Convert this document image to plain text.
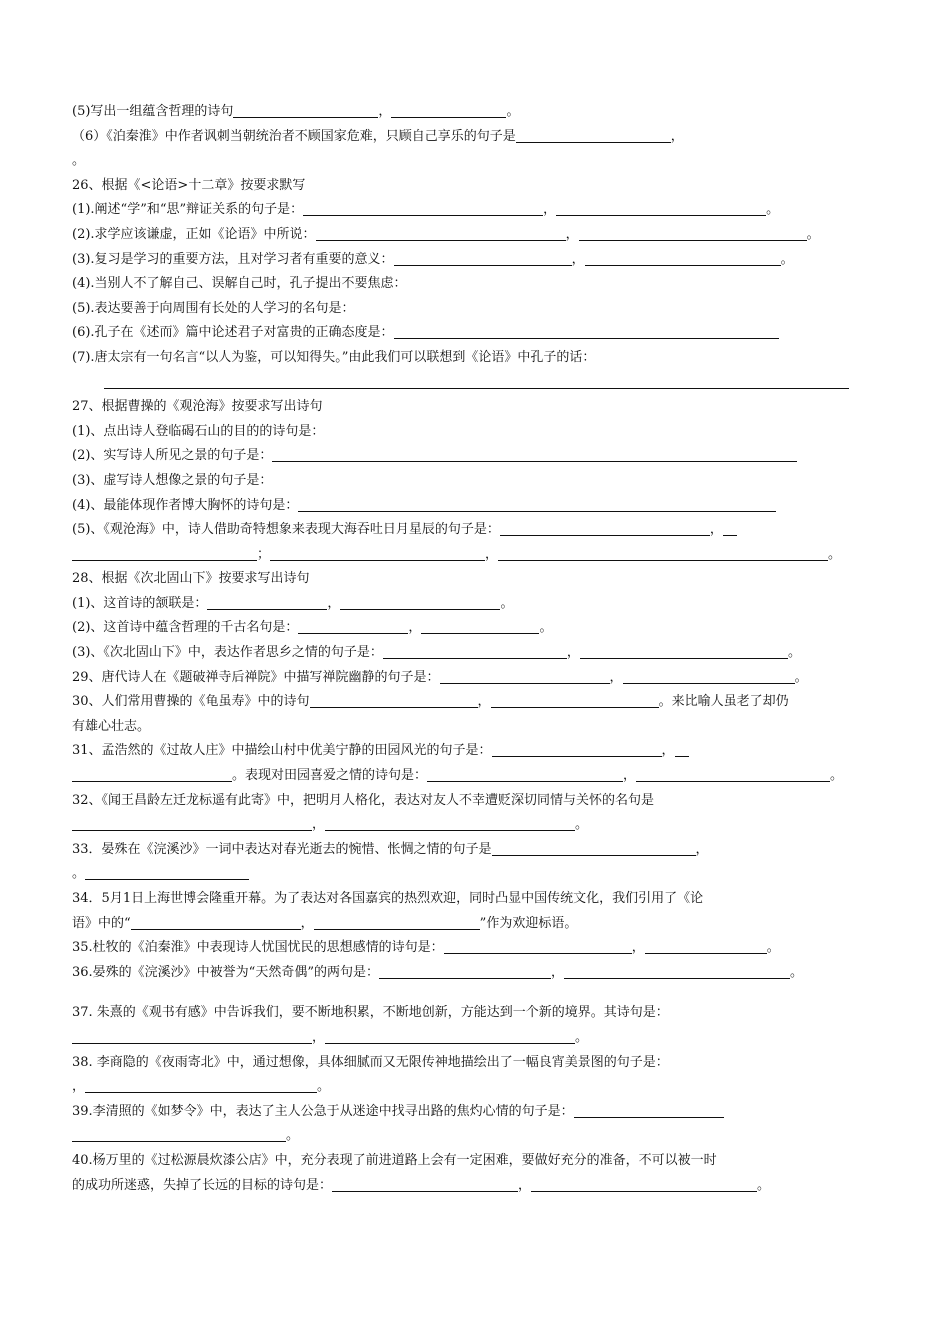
(5)写出一组蕴含哲理的诗句	，	。
（6）《泊秦淮》中作者讽刺当朝统治者不顾国家危难，只顾自己享乐的句子是	，
。
26、根据《<论语>十二章》按要求默写
(1).阐述“学”和“思”辩证关系的句子是：	，	。
(2).求学应该谦虚，正如《论语》中所说：	，	。
(3).复习是学习的重要方法，且对学习者有重要的意义：	，	。
(4).当别人不了解自己、误解自己时，孔子提出不要焦虑：
(5).表达要善于向周围有长处的人学习的名句是：
(6).孔子在《述而》篇中论述君子对富贵的正确态度是：
(7).唐太宗有一句名言“以人为鉴，可以知得失。”由此我们可以联想到《论语》中孔子的话：
27、根据曹操的《观沧海》按要求写出诗句
(1)、点出诗人登临碣石山的目的的诗句是：
(2)、实写诗人所见之景的句子是：
(3)、虚写诗人想像之景的句子是：
(4)、最能体现作者博大胸怀的诗句是：
(5)、《观沧海》中，诗人借助奇特想象来表现大海吞吐日月星辰的句子是：	，
；	，	。
28、根据《次北固山下》按要求写出诗句
(1)、这首诗的颔联是：	，	。
(2)、这首诗中蕴含哲理的千古名句是：	，	。
(3)、《次北固山下》中，表达作者思乡之情的句子是：	，	。
29、唐代诗人在《题破禅寺后禅院》中描写禅院幽静的句子是：	，	。
30、人们常用曹操的《龟虽寿》中的诗句	，	。来比喻人虽老了却仍
有雄心壮志。
31、孟浩然的《过故人庄》中描绘山村中优美宁静的田园风光的句子是：	，
。表现对田园喜爱之情的诗句是：	，	。
32、《闻王昌龄左迁龙标遥有此寄》中，把明月人格化，表达对友人不幸遭贬深切同情与关怀的名句是
，	。
33．晏殊在《浣溪沙》一词中表达对春光逝去的惋惜、怅惆之情的句子是	，
。
34．5月1日上海世博会隆重开幕。为了表达对各国嘉宾的热烈欢迎，同时凸显中国传统文化，我们引用了《论
语》中的“	，	”作为欢迎标语。
35.杜牧的《泊秦淮》中表现诗人忧国忧民的思想感情的诗句是：	，	。
36.晏殊的《浣溪沙》中被誉为“天然奇偶”的两句是：	，	。
37. 朱熹的《观书有感》中告诉我们，要不断地积累，不断地创新，方能达到一个新的境界。其诗句是：
，	。
38. 李商隐的《夜雨寄北》中，通过想像，具体细腻而又无限传神地描绘出了一幅良宵美景图的句子是：
，	。
39.李清照的《如梦令》中，表达了主人公急于从迷途中找寻出路的焦灼心情的句子是：
。
40.杨万里的《过松源晨炊漆公店》中，充分表现了前进道路上会有一定困难，要做好充分的准备，不可以被一时
的成功所迷惑，失掉了长远的目标的诗句是：	，	。
